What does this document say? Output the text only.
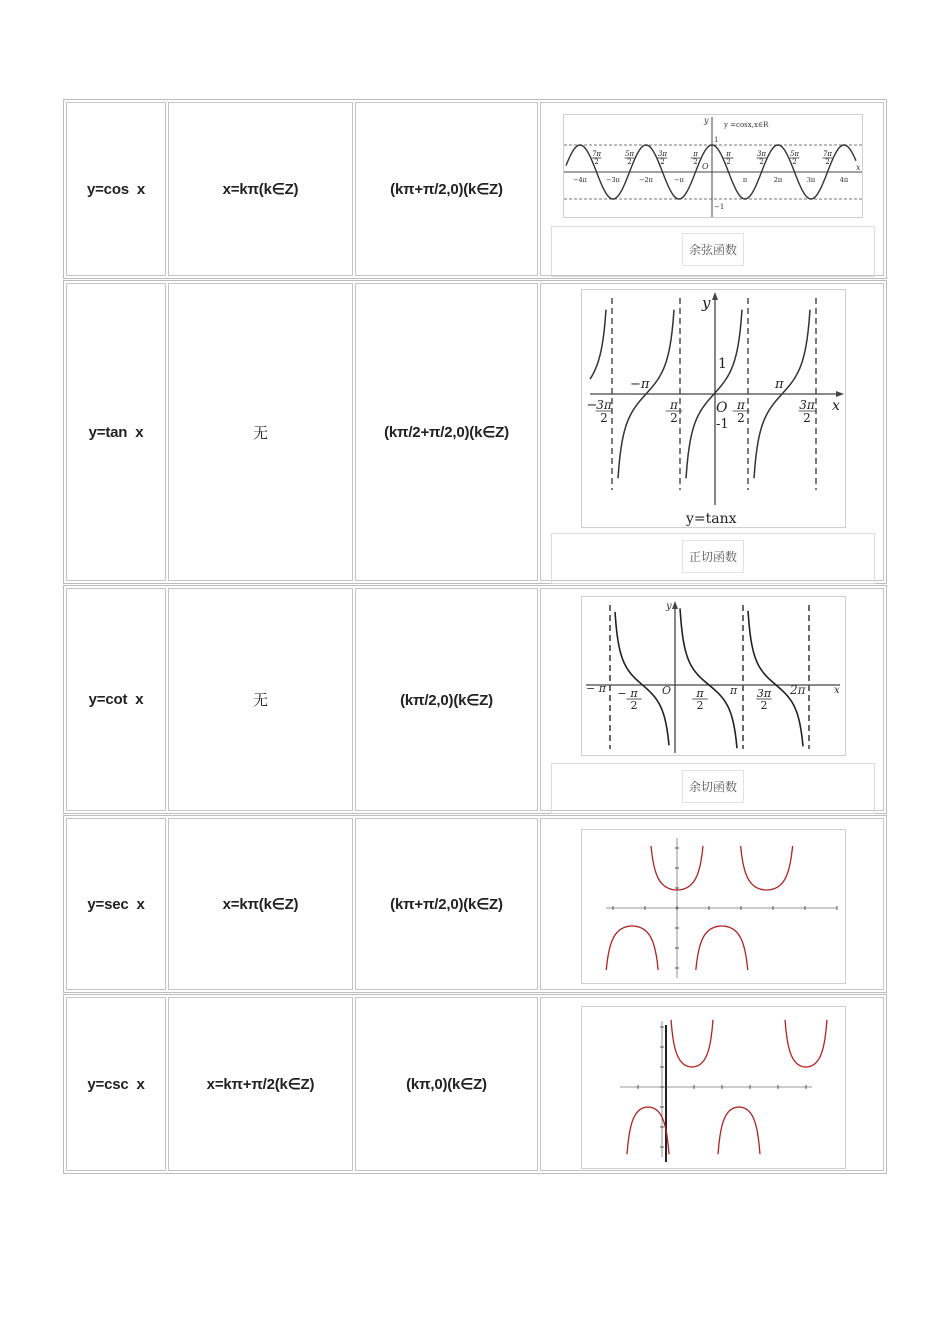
y=cos  x	x=kπ(k∈Z)	(kπ+π/2,0)(k∈Z)
y =cosx,x∈R
y
x
O
1
−1
−4π	−3π	−2π	−π	π	2π	3π	4π
7π
2
5π
2
3π
2
π
2
π
2
3π
2
5π
2
7π
2
余弦函数
y=tan  x	无	(kπ/2+π/2,0)(k∈Z)
y
x
O
1
-1
−π	π
−
3π
2
π
2
π
2
3π
2
y=tanx
正切函数
y=cot  x	无	(kπ/2,0)(k∈Z)
y
x
O
− π	π	2π
− π
2
π
2
3π
2
余切函数
y=sec  x	x=kπ(k∈Z)	(kπ+π/2,0)(k∈Z)
y=csc  x	x=kπ+π/2(k∈Z)	(kπ,0)(k∈Z)
